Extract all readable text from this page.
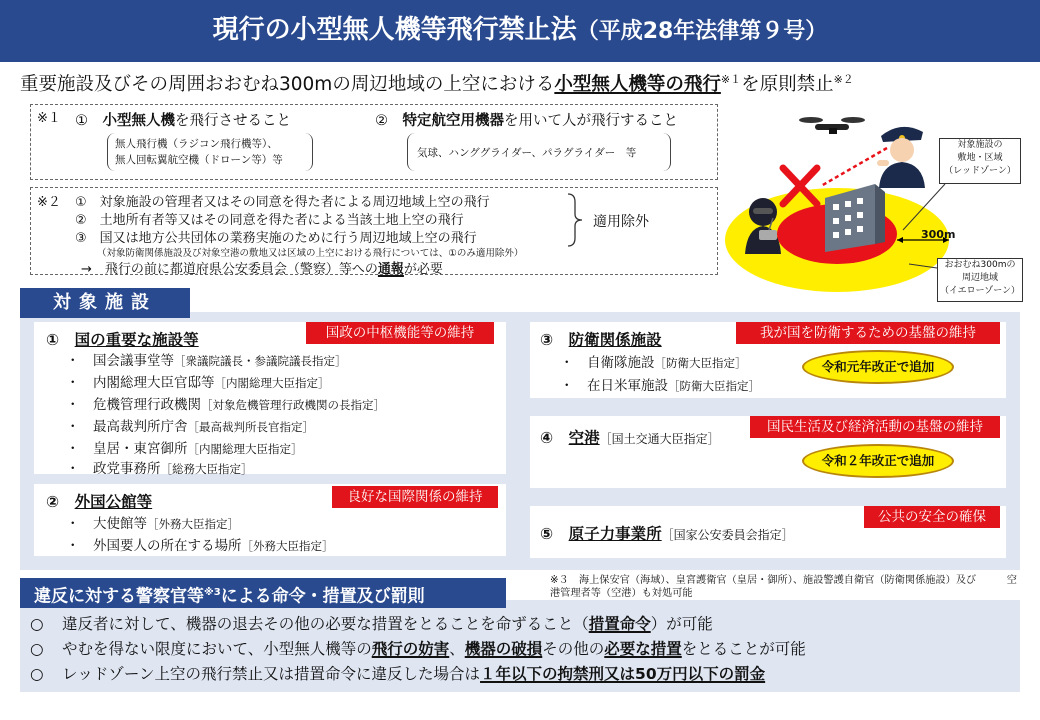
現行の小型無人機等飛行禁止法（平成28年法律第９号）
重要施設及びその周囲おおむね300mの周辺地域の上空における小型無人機等の飛行$^{※1}$を原則禁止$^{※2}$
※１ ①　 小型無人機を飛行させること
無人飛行機（ラジコン飛行機等）、
無人回転翼航空機（ドローン等）等
②　 特定航空用機器を用いて人が飛行すること
気球、ハンググライダー、パラグライダー　等
※２ ①　対象施設の管理者又はその同意を得た者による周辺地域上空の飛行
②　土地所有者等又はその同意を得た者による当該土地上空の飛行
③　国又は地方公共団体の業務実施のために行う周辺地域上空の飛行
（対象防衛関係施設及び対象空港の敷地又は区域の上空における飛行については、①のみ適用除外）
→　飛行の前に都道府県公安委員会（警察）等への通報が必要
適用除外
対象施設の
敷地・区域
（レッドゾーン）
300m
おおむね300mの
周辺地域
（イエローゾーン）
対象施設
①　 国の重要な施設等	国政の中枢機能等の維持
・　国会議事堂等［衆議院議長・参議院議長指定］
・　内閣総理大臣官邸等［内閣総理大臣指定］
・　危機管理行政機関［対象危機管理行政機関の長指定］
・　最高裁判所庁舎［最高裁判所長官指定］
・　皇居・東宮御所［内閣総理大臣指定］
・　政党事務所［総務大臣指定］
②　 外国公館等	良好な国際関係の維持
・　大使館等［外務大臣指定］
・　外国要人の所在する場所［外務大臣指定］
③　 防衛関係施設	我が国を防衛するための基盤の維持
・　自衛隊施設［防衛大臣指定］
・　在日米軍施設［防衛大臣指定］
令和元年改正で追加
④　 空港［国土交通大臣指定］
国民生活及び経済活動の基盤の維持
令和２年改正で追加
⑤　 原子力事業所［国家公安委員会指定］
公共の安全の確保
違反に対する警察官等$^{※3}$による命令・措置及び罰則
※３　海上保安官（海域）、皇宮護衛官（皇居・御所）、施設警護自衛官（防衛関係施設）及び　　　空港管理者等（空港）も対処可能
○ 違反者に対して、機器の退去その他の必要な措置をとることを命ずること（措置命令）が可能
○ やむを得ない限度において、小型無人機等の飛行の妨害、機器の破損その他の必要な措置をとることが可能
○ レッドゾーン上空の飛行禁止又は措置命令に違反した場合は１年以下の拘禁刑又は50万円以下の罰金
